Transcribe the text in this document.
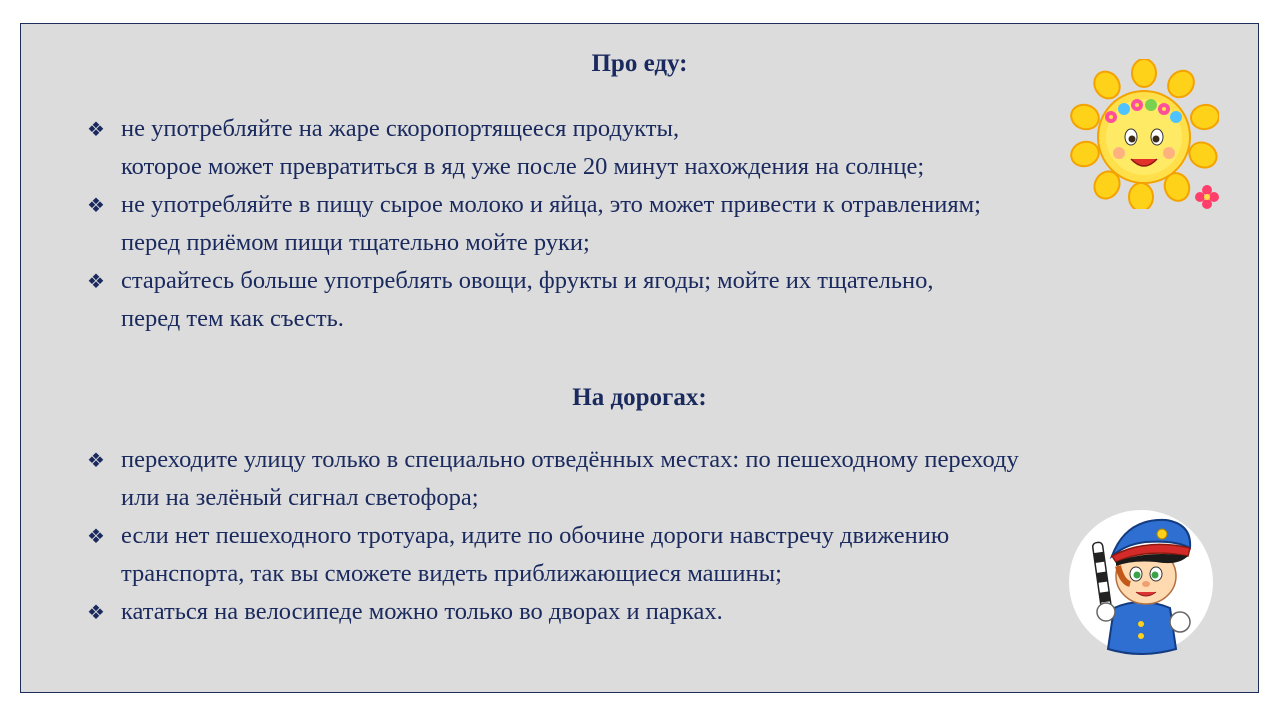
Про еду:
❖ не употребляйте на жаре скоропортящееся продукты,
которое может превратиться в яд уже после 20 минут нахождения на солнце;
❖ не употребляйте в пищу сырое молоко и яйца, это может привести к отравлениям;
перед приёмом пищи тщательно мойте руки;
❖ старайтесь больше употреблять овощи, фрукты и ягоды; мойте их тщательно,
перед тем как съесть.
На дорогах:
❖ переходите улицу только в специально отведённых местах: по пешеходному переходу
или на зелёный сигнал светофора;
❖ если нет пешеходного тротуара, идите по обочине дороги навстречу движению
транспорта, так вы сможете видеть приближающиеся машины;
❖ кататься на велосипеде можно только во дворах и парках.
